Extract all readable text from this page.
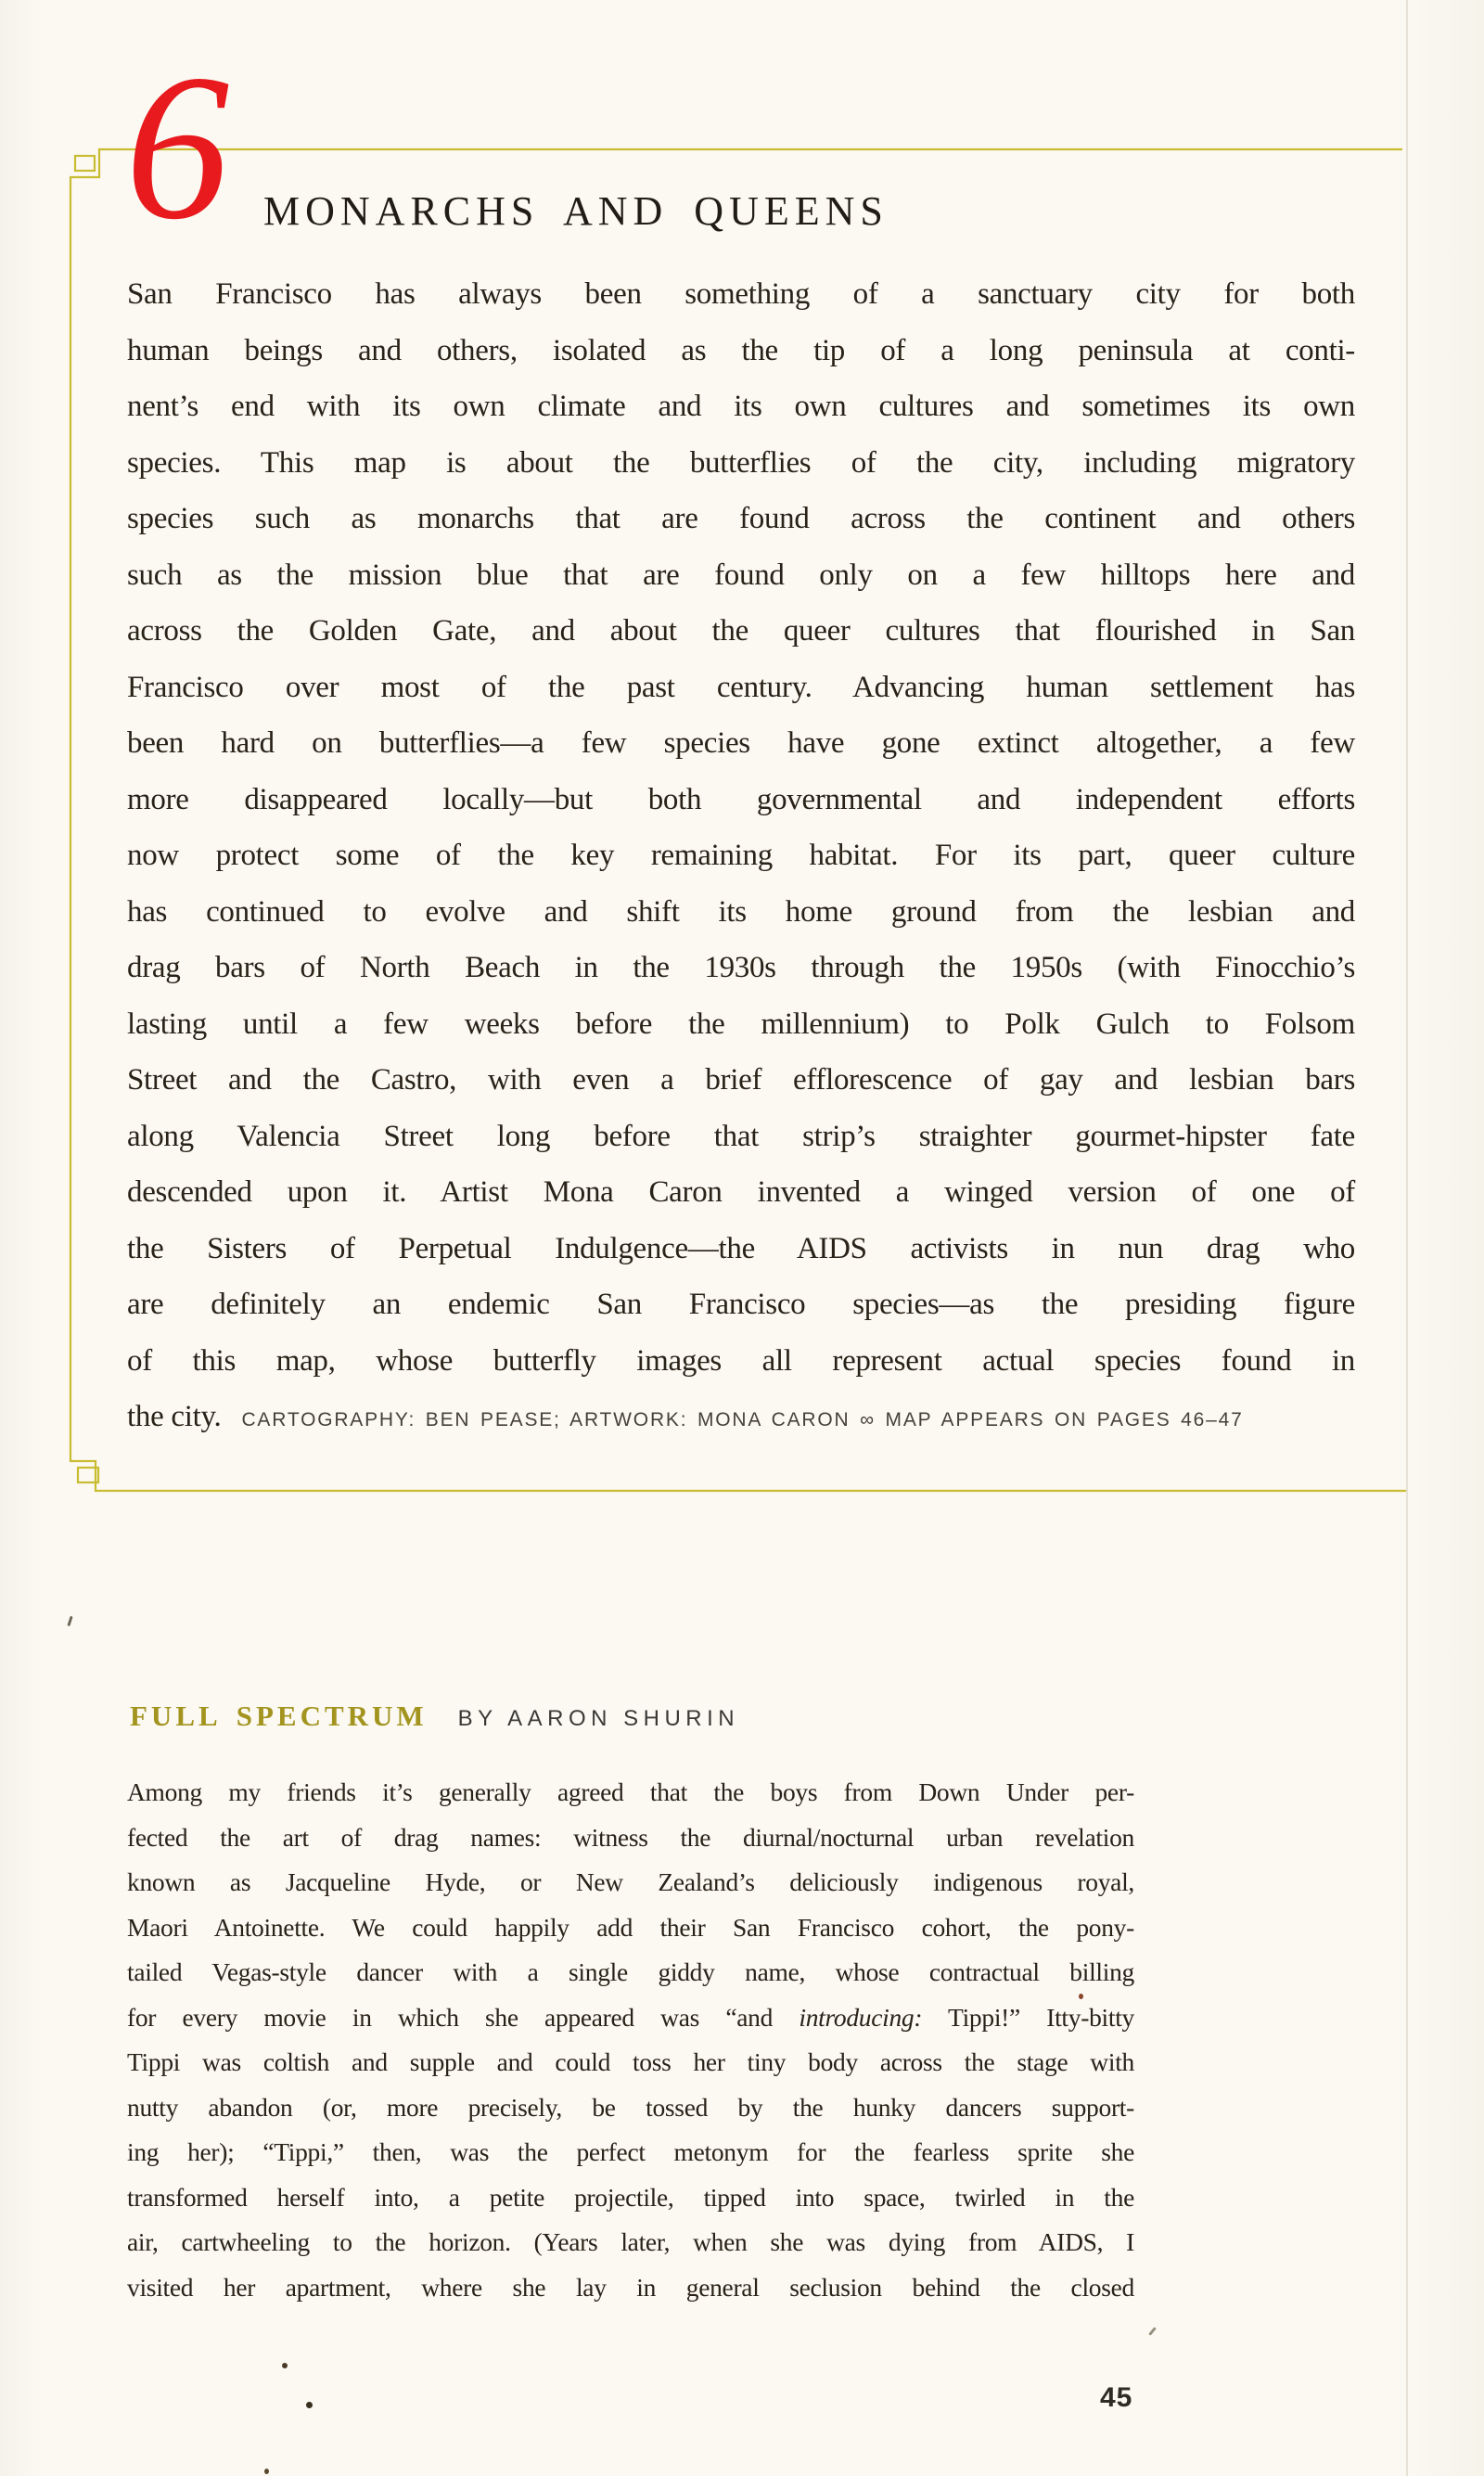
6 MONARCHS AND QUEENS
San Francisco has always been something of a sanctuary city for both
human beings and others, isolated as the tip of a long peninsula at conti-
nent’s end with its own climate and its own cultures and sometimes its own
species. This map is about the butterflies of the city, including migratory
species such as monarchs that are found across the continent and others
such as the mission blue that are found only on a few hilltops here and
across the Golden Gate, and about the queer cultures that flourished in San
Francisco over most of the past century. Advancing human settlement has
been hard on butterflies—a few species have gone extinct altogether, a few
more disappeared locally—but both governmental and independent efforts
now protect some of the key remaining habitat. For its part, queer culture
has continued to evolve and shift its home ground from the lesbian and
drag bars of North Beach in the 1930s through the 1950s (with Finocchio’s
lasting until a few weeks before the millennium) to Polk Gulch to Folsom
Street and the Castro, with even a brief efflorescence of gay and lesbian bars
along Valencia Street long before that strip’s straighter gourmet-hipster fate
descended upon it. Artist Mona Caron invented a winged version of one of
the Sisters of Perpetual Indulgence—the AIDS activists in nun drag who
are definitely an endemic San Francisco species—as the presiding figure
of this map, whose butterfly images all represent actual species found in
the city. CARTOGRAPHY: BEN PEASE; ARTWORK: MONA CARON ∞ MAP APPEARS ON PAGES 46–47
FULL SPECTRUM BY AARON SHURIN
Among my friends it’s generally agreed that the boys from Down Under per-
fected the art of drag names: witness the diurnal/nocturnal urban revelation
known as Jacqueline Hyde, or New Zealand’s deliciously indigenous royal,
Maori Antoinette. We could happily add their San Francisco cohort, the pony-
tailed Vegas-style dancer with a single giddy name, whose contractual billing
for every movie in which she appeared was “and introducing: Tippi!” Itty-bitty
Tippi was coltish and supple and could toss her tiny body across the stage with
nutty abandon (or, more precisely, be tossed by the hunky dancers support-
ing her); “Tippi,” then, was the perfect metonym for the fearless sprite she
transformed herself into, a petite projectile, tipped into space, twirled in the
air, cartwheeling to the horizon. (Years later, when she was dying from AIDS, I
visited her apartment, where she lay in general seclusion behind the closed
45
